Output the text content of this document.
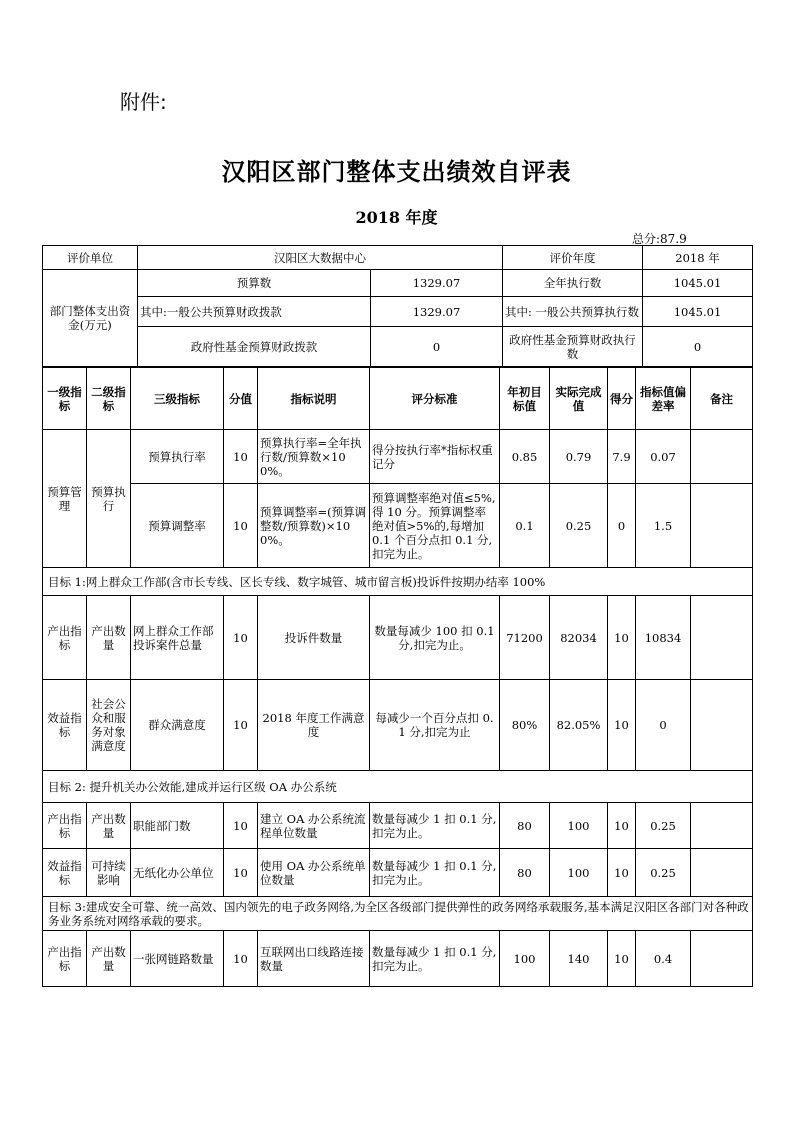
附件:
汉阳区部门整体支出绩效自评表
2018 年度
总分:87.9
评价单位	汉阳区大数据中心		评价年度	2018 年
部门整体支出资金(万元)	预算数	1329.07	全年执行数	1045.01
	其中:一般公共预算财政拨款	1329.07	其中: 一般公共预算执行数	1045.01
	政府性基金预算财政拨款	0	政府性基金预算财政执行数	0
一级指标	二级指标	三级指标	分值	指标说明	评分标准	年初目标值	实际完成值	得分	指标值偏差率	备注
预算管理	预算执行	预算执行率	10	预算执行率=全年执行数/预算数×100%。	得分按执行率*指标权重记分	0.85	0.79	7.9	0.07	
		预算调整率	10	预算调整率=(预算调整数/预算数)×100%。	预算调整率绝对值≤5%,得 10 分。预算调整率绝对值>5%的,每增加 0.1 个百分点扣 0.1 分,扣完为止。	0.1	0.25	0	1.5	
目标 1:网上群众工作部(含市长专线、区长专线、数字城管、城市留言板)投诉件按期办结率 100%										
产出指标	产出数量	网上群众工作部投诉案件总量	10	投诉件数量	数量每减少 100 扣 0.1 分,扣完为止。	71200	82034	10	10834	
效益指标	社会公众和服务对象满意度	群众满意度	10	2018 年度工作满意度	每减少一个百分点扣 0.1 分,扣完为止	80%	82.05%	10	0	
目标 2: 提升机关办公效能,建成并运行区级 OA 办公系统										
产出指标	产出数量	职能部门数	10	建立 OA 办公系统流程单位数量	数量每减少 1 扣 0.1 分,扣完为止。	80	100	10	0.25	
效益指标	可持续影响	无纸化办公单位	10	使用 OA 办公系统单位数量	数量每减少 1 扣 0.1 分,扣完为止。	80	100	10	0.25	
目标 3:建成安全可靠、统一高效、国内领先的电子政务网络,为全区各级部门提供弹性的政务网络承载服务,基本满足汉阳区各部门对各种政务业务系统对网络承载的要求。										
产出指标	产出数量	一张网链路数量	10	互联网出口线路连接数量	数量每减少 1 扣 0.1 分,扣完为止。	100	140	10	0.4	
